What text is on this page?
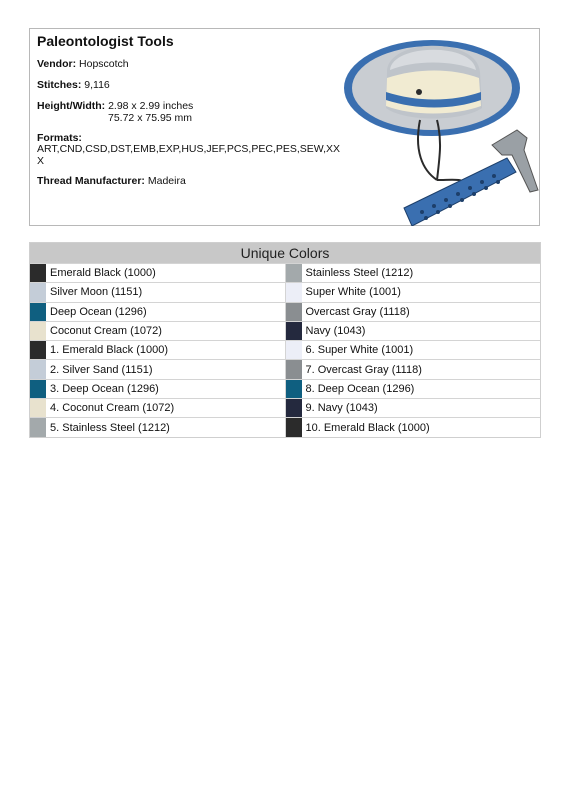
Paleontologist Tools
Vendor: Hopscotch
Stitches: 9,116
Height/Width: 2.98 x 2.99 inches
75.72 x 75.95 mm
Formats:
ART,CND,CSD,DST,EMB,EXP,HUS,JEF,PCS,PEC,PES,SEW,XXX
Thread Manufacturer: Madeira
Unique Colors
Emerald Black (1000)	Stainless Steel (1212)
Silver Moon (1151)	Super White (1001)
Deep Ocean (1296)	Overcast Gray (1118)
Coconut Cream (1072)	Navy (1043)
1. Emerald Black (1000)	6. Super White (1001)
2. Silver Sand (1151)	7. Overcast Gray (1118)
3. Deep Ocean (1296)	8. Deep Ocean (1296)
4. Coconut Cream (1072)	9. Navy (1043)
5. Stainless Steel (1212)	10. Emerald Black (1000)
